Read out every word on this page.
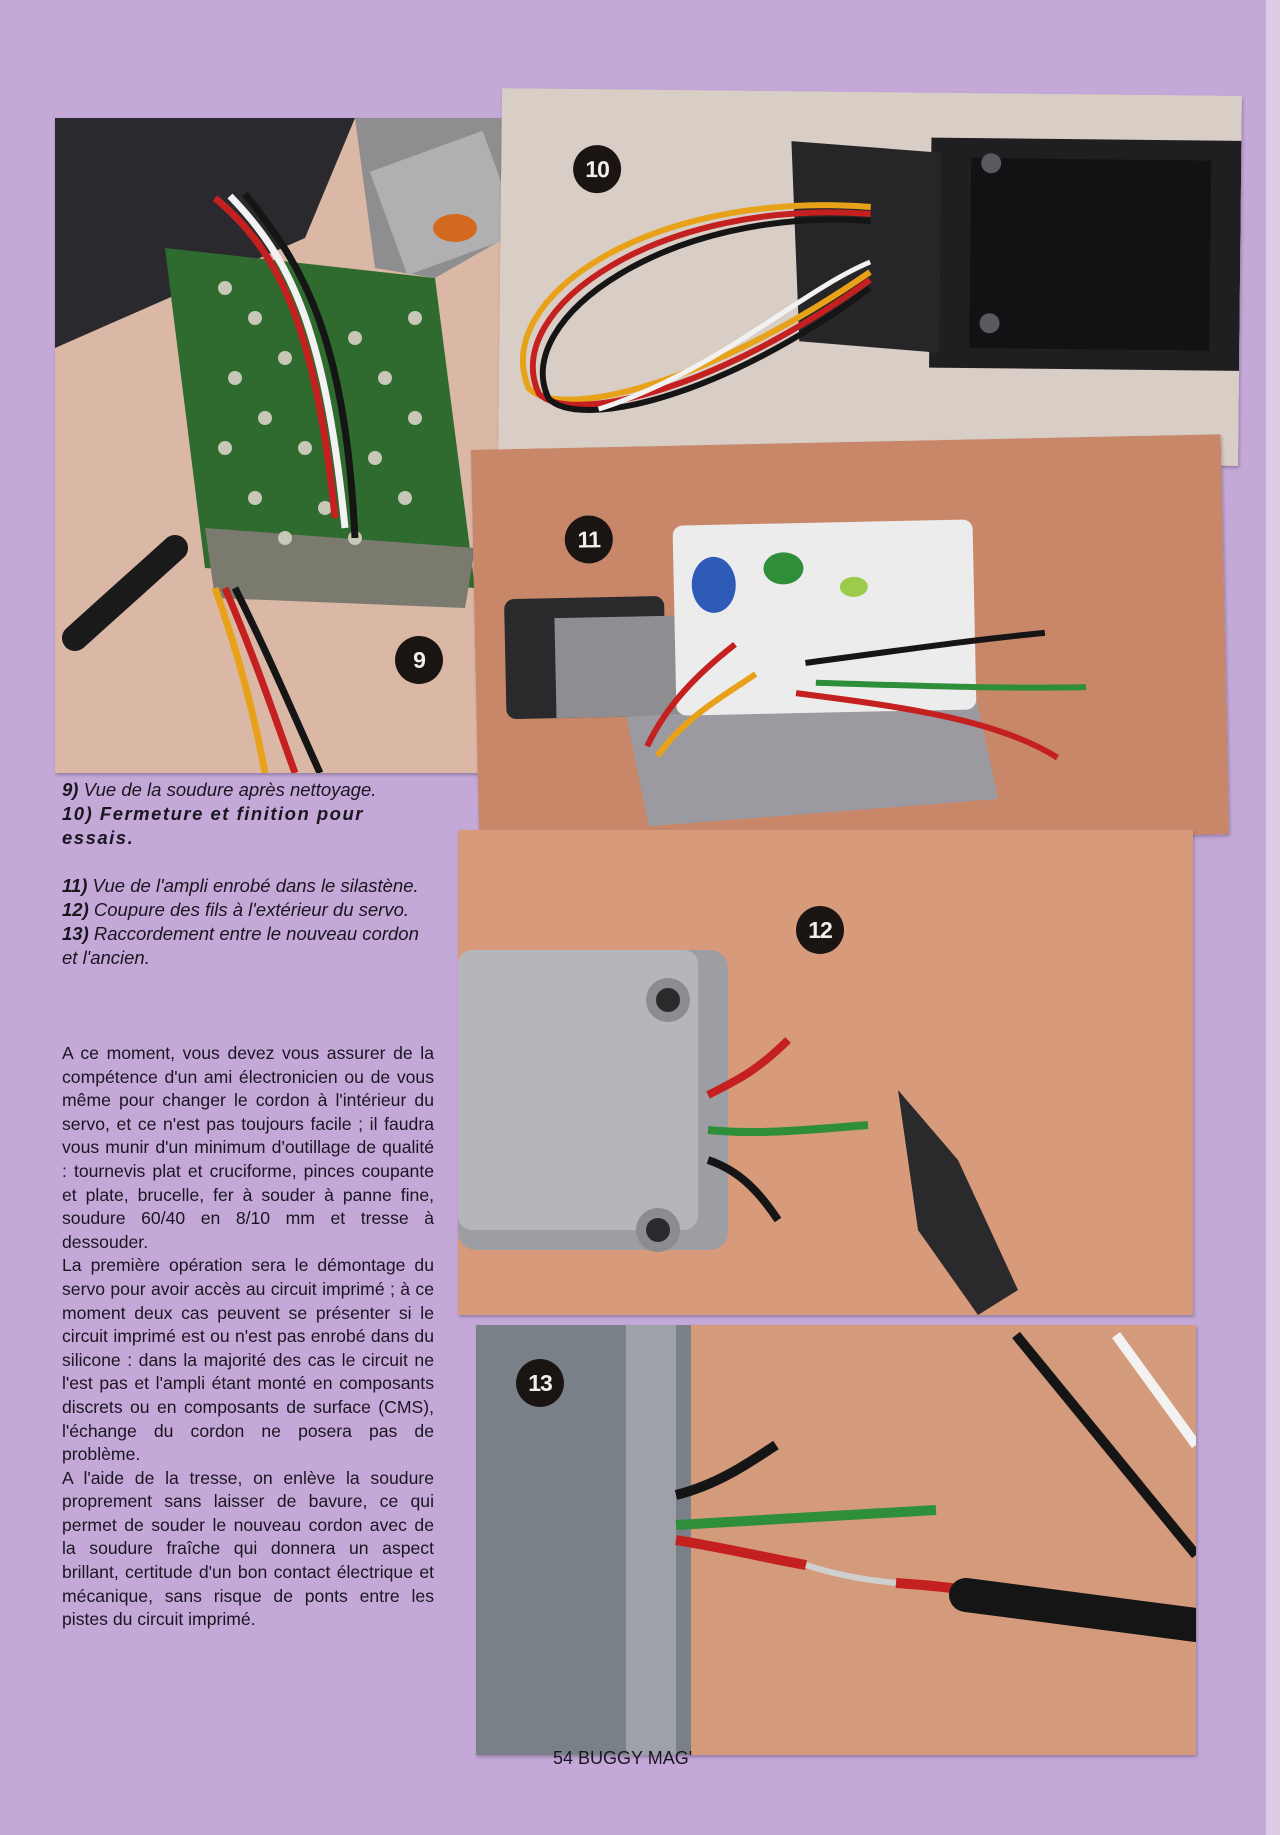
9
10
11
12
13

9) Vue de la soudure après nettoyage.

10) Fermeture et finition pour essais.

11) Vue de l'ampli enrobé dans le silastène.

12) Coupure des fils à l'extérieur du servo.

13) Raccordement entre le nouveau cordon et l'ancien.

A ce moment, vous devez vous assurer de la compétence d'un ami électronicien ou de vous même pour changer le cordon à l'intérieur du servo, et ce n'est pas toujours facile ; il faudra vous munir d'un minimum d'outillage de qualité : tournevis plat et cruciforme, pinces coupante et plate, brucelle, fer à souder à panne fine, soudure 60/40 en 8/10 mm et tresse à dessouder.

La première opération sera le démontage du servo pour avoir accès au circuit imprimé ; à ce moment deux cas peuvent se présenter si le circuit imprimé est ou n'est pas enrobé dans du silicone : dans la majorité des cas le circuit ne l'est pas et l'ampli étant monté en composants discrets ou en composants de surface (CMS), l'échange du cordon ne posera pas de problème.

A l'aide de la tresse, on enlève la soudure proprement sans laisser de bavure, ce qui permet de souder le nouveau cordon avec de la soudure fraîche qui donnera un aspect brillant, certitude d'un bon contact électrique et mécanique, sans risque de ponts entre les pistes du circuit imprimé.

54 BUGGY MAG'
